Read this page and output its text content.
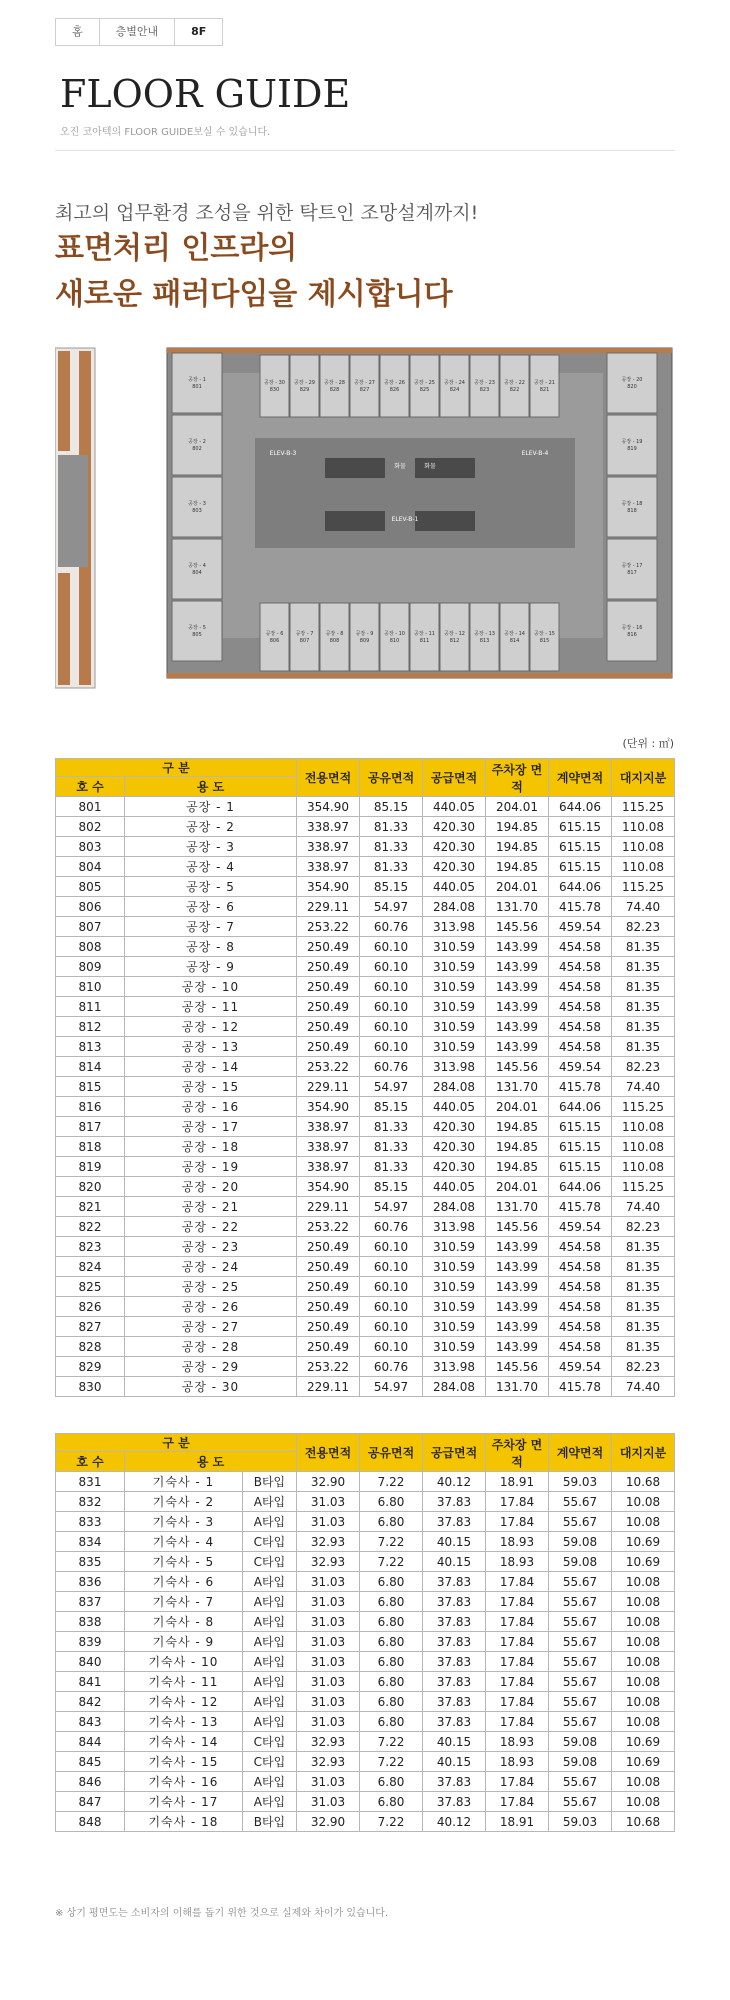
홈	층별안내	8F
FLOOR GUIDE
오진 코아텍의 FLOOR GUIDE보실 수 있습니다.
최고의 업무환경 조성을 위한 탁트인 조망설계까지!
표면처리 인프라의
새로운 패러다임을 제시합니다
공장 - 30
830
공장 - 29
829
공장 - 28
828
공장 - 27
827
공장 - 26
826
공장 - 25
825
공장 - 24
824
공장 - 23
823
공장 - 22
822
공장 - 21
821
공장 - 6
806
공장 - 7
807
공장 - 8
808
공장 - 9
809
공장 - 10
810
공장 - 11
811
공장 - 12
812
공장 - 13
813
공장 - 14
814
공장 - 15
815
공장 - 1
801
공장 - 2
802
공장 - 3
803
공장 - 4
804
공장 - 5
805
공장 - 20
820
공장 - 19
819
공장 - 18
818
공장 - 17
817
공장 - 16
816
ELEV-B-3	ELEV-B-4
ELEV-B-1
화물	화물
(단위 : ㎡)
구 분		전용면적	공유면적	공급면적	주차장 면적	계약면적	대지지분
호 수	용 도						
801	공장 - 1	354.90	85.15	440.05	204.01	644.06	115.25
802	공장 - 2	338.97	81.33	420.30	194.85	615.15	110.08
803	공장 - 3	338.97	81.33	420.30	194.85	615.15	110.08
804	공장 - 4	338.97	81.33	420.30	194.85	615.15	110.08
805	공장 - 5	354.90	85.15	440.05	204.01	644.06	115.25
806	공장 - 6	229.11	54.97	284.08	131.70	415.78	74.40
807	공장 - 7	253.22	60.76	313.98	145.56	459.54	82.23
808	공장 - 8	250.49	60.10	310.59	143.99	454.58	81.35
809	공장 - 9	250.49	60.10	310.59	143.99	454.58	81.35
810	공장 - 10	250.49	60.10	310.59	143.99	454.58	81.35
811	공장 - 11	250.49	60.10	310.59	143.99	454.58	81.35
812	공장 - 12	250.49	60.10	310.59	143.99	454.58	81.35
813	공장 - 13	250.49	60.10	310.59	143.99	454.58	81.35
814	공장 - 14	253.22	60.76	313.98	145.56	459.54	82.23
815	공장 - 15	229.11	54.97	284.08	131.70	415.78	74.40
816	공장 - 16	354.90	85.15	440.05	204.01	644.06	115.25
817	공장 - 17	338.97	81.33	420.30	194.85	615.15	110.08
818	공장 - 18	338.97	81.33	420.30	194.85	615.15	110.08
819	공장 - 19	338.97	81.33	420.30	194.85	615.15	110.08
820	공장 - 20	354.90	85.15	440.05	204.01	644.06	115.25
821	공장 - 21	229.11	54.97	284.08	131.70	415.78	74.40
822	공장 - 22	253.22	60.76	313.98	145.56	459.54	82.23
823	공장 - 23	250.49	60.10	310.59	143.99	454.58	81.35
824	공장 - 24	250.49	60.10	310.59	143.99	454.58	81.35
825	공장 - 25	250.49	60.10	310.59	143.99	454.58	81.35
826	공장 - 26	250.49	60.10	310.59	143.99	454.58	81.35
827	공장 - 27	250.49	60.10	310.59	143.99	454.58	81.35
828	공장 - 28	250.49	60.10	310.59	143.99	454.58	81.35
829	공장 - 29	253.22	60.76	313.98	145.56	459.54	82.23
830	공장 - 30	229.11	54.97	284.08	131.70	415.78	74.40
구 분			전용면적	공유면적	공급면적	주차장 면적	계약면적	대지지분
호 수	용 도							
831	기숙사 - 1	B타입	32.90	7.22	40.12	18.91	59.03	10.68
832	기숙사 - 2	A타입	31.03	6.80	37.83	17.84	55.67	10.08
833	기숙사 - 3	A타입	31.03	6.80	37.83	17.84	55.67	10.08
834	기숙사 - 4	C타입	32.93	7.22	40.15	18.93	59.08	10.69
835	기숙사 - 5	C타입	32.93	7.22	40.15	18.93	59.08	10.69
836	기숙사 - 6	A타입	31.03	6.80	37.83	17.84	55.67	10.08
837	기숙사 - 7	A타입	31.03	6.80	37.83	17.84	55.67	10.08
838	기숙사 - 8	A타입	31.03	6.80	37.83	17.84	55.67	10.08
839	기숙사 - 9	A타입	31.03	6.80	37.83	17.84	55.67	10.08
840	기숙사 - 10	A타입	31.03	6.80	37.83	17.84	55.67	10.08
841	기숙사 - 11	A타입	31.03	6.80	37.83	17.84	55.67	10.08
842	기숙사 - 12	A타입	31.03	6.80	37.83	17.84	55.67	10.08
843	기숙사 - 13	A타입	31.03	6.80	37.83	17.84	55.67	10.08
844	기숙사 - 14	C타입	32.93	7.22	40.15	18.93	59.08	10.69
845	기숙사 - 15	C타입	32.93	7.22	40.15	18.93	59.08	10.69
846	기숙사 - 16	A타입	31.03	6.80	37.83	17.84	55.67	10.08
847	기숙사 - 17	A타입	31.03	6.80	37.83	17.84	55.67	10.08
848	기숙사 - 18	B타입	32.90	7.22	40.12	18.91	59.03	10.68
※ 상기 평면도는 소비자의 이해를 돕기 위한 것으로 실제와 차이가 있습니다.
